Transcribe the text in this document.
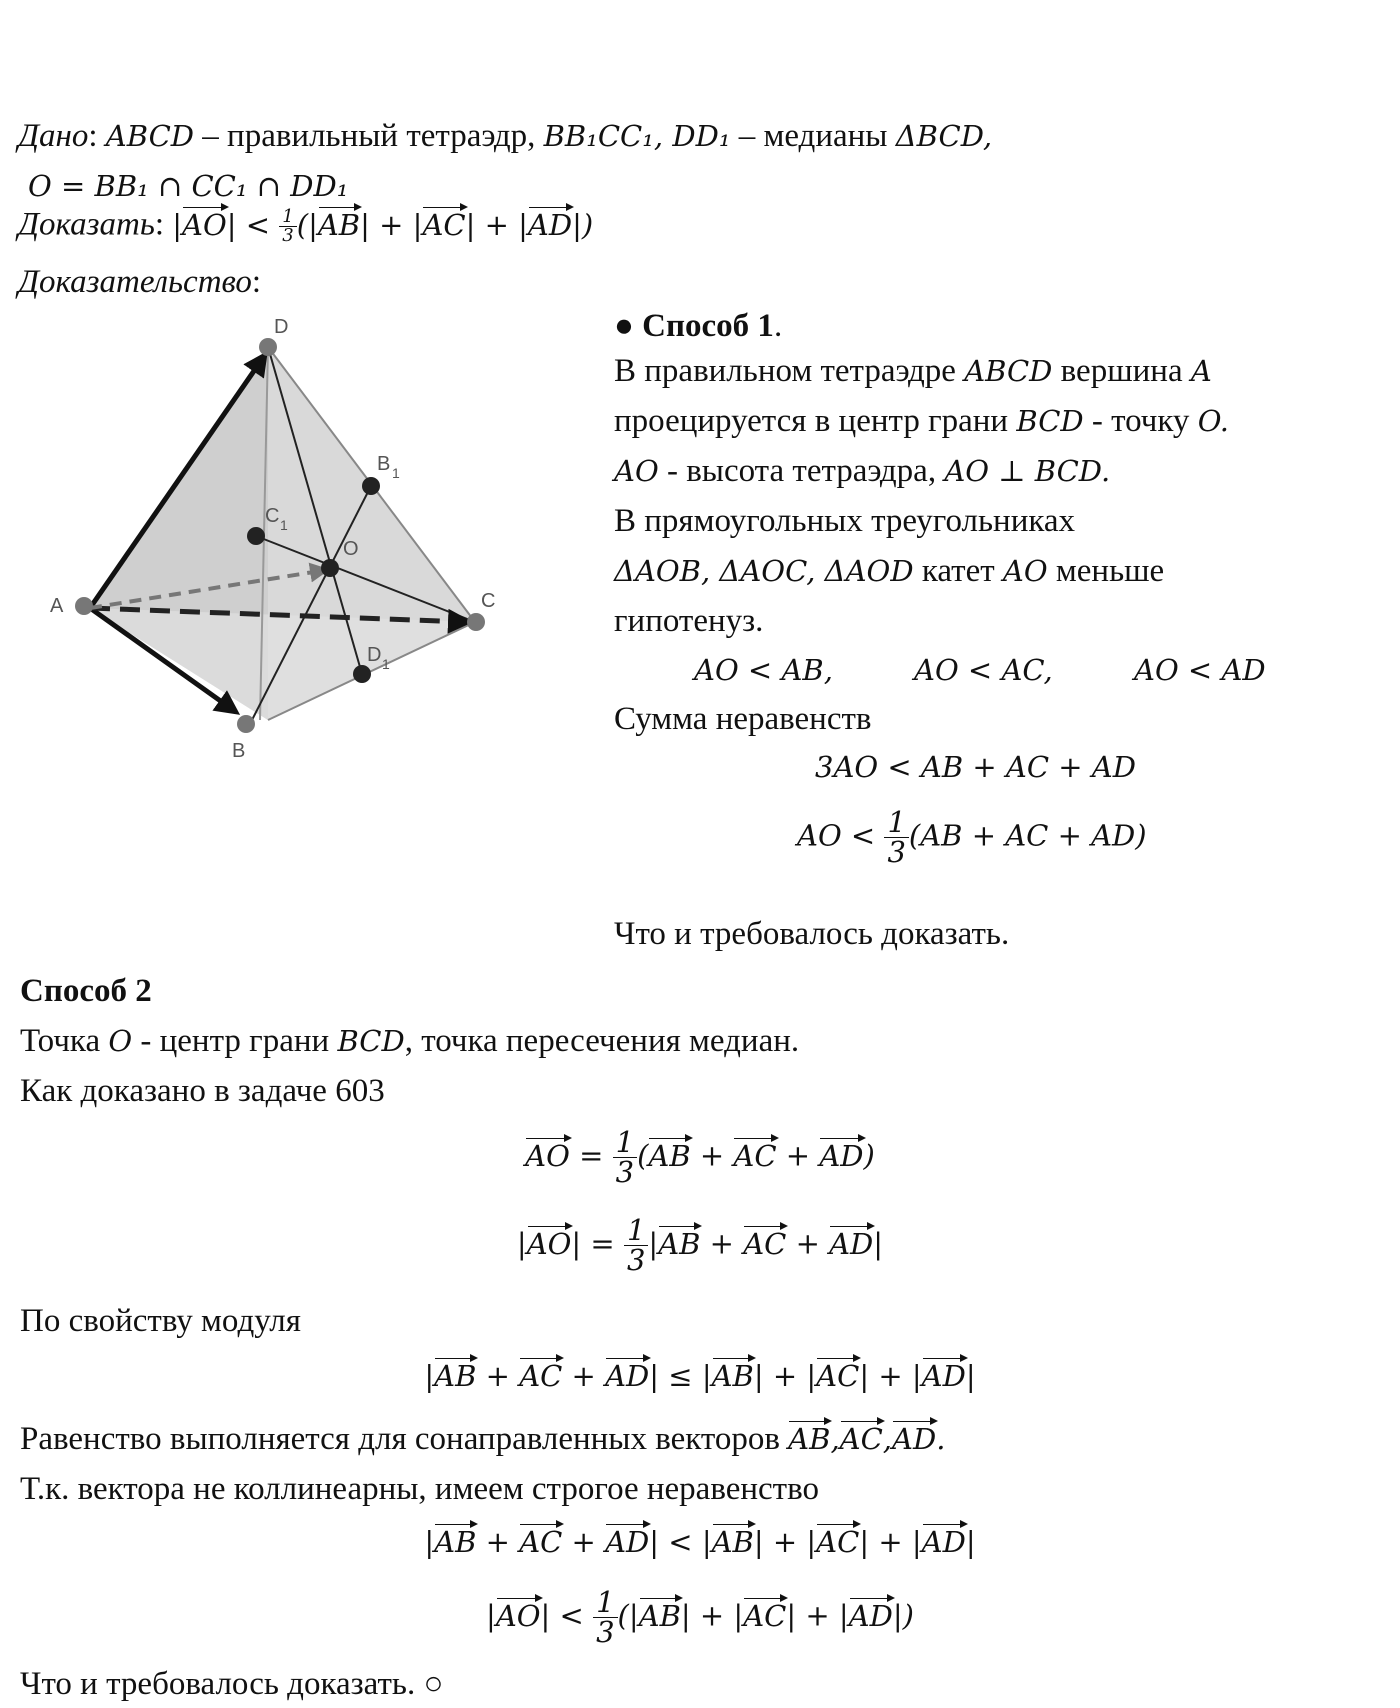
Дано: ABCD – правильный тетраэдр, BB₁CC₁, DD₁ – медианы ΔBCD,
O = BB₁ ∩ CC₁ ∩ DD₁
Доказать: $|AO| < \frac{1}{3} (|AB| + |AC| + |AD|)$
Доказательство:
D
A	C
B
O
B 1
C 1
D 1
● Способ 1.
В правильном тетраэдре ABCD вершина A
проецируется в центр грани BCD - точку O.
AO - высота тетраэдра, AO ⊥ BCD.
В прямоугольных треугольниках
ΔAOB, ΔAOC, ΔAOD катет AO меньше
гипотенуз.
AO < AB,	AO < AC,	AO < AD
Сумма неравенств
3AO < AB + AC + AD
AO < $\frac{1}{3} (AB$ + AC + AD)
Что и требовалось доказать.
Способ 2
Точка O - центр грани BCD, точка пересечения медиан.
Как доказано в задаче 603
AO = $\frac{1}{3} (AB$ + AC + AD)
$|AO| = \frac{1}{3} |AB$ + AC + AD|
По свойству модуля
|AB + AC + AD| ≤ |AB| + |AC| + |AD|
Равенство выполняется для сонаправленных векторов AB,AC,AD.
Т.к. вектора не коллинеарны, имеем строгое неравенство
|AB + AC + AD| < |AB| + |AC| + |AD|
$|AO| < \frac{1}{3} (|AB| + |AC| + |AD|)$
Что и требовалось доказать. ○
